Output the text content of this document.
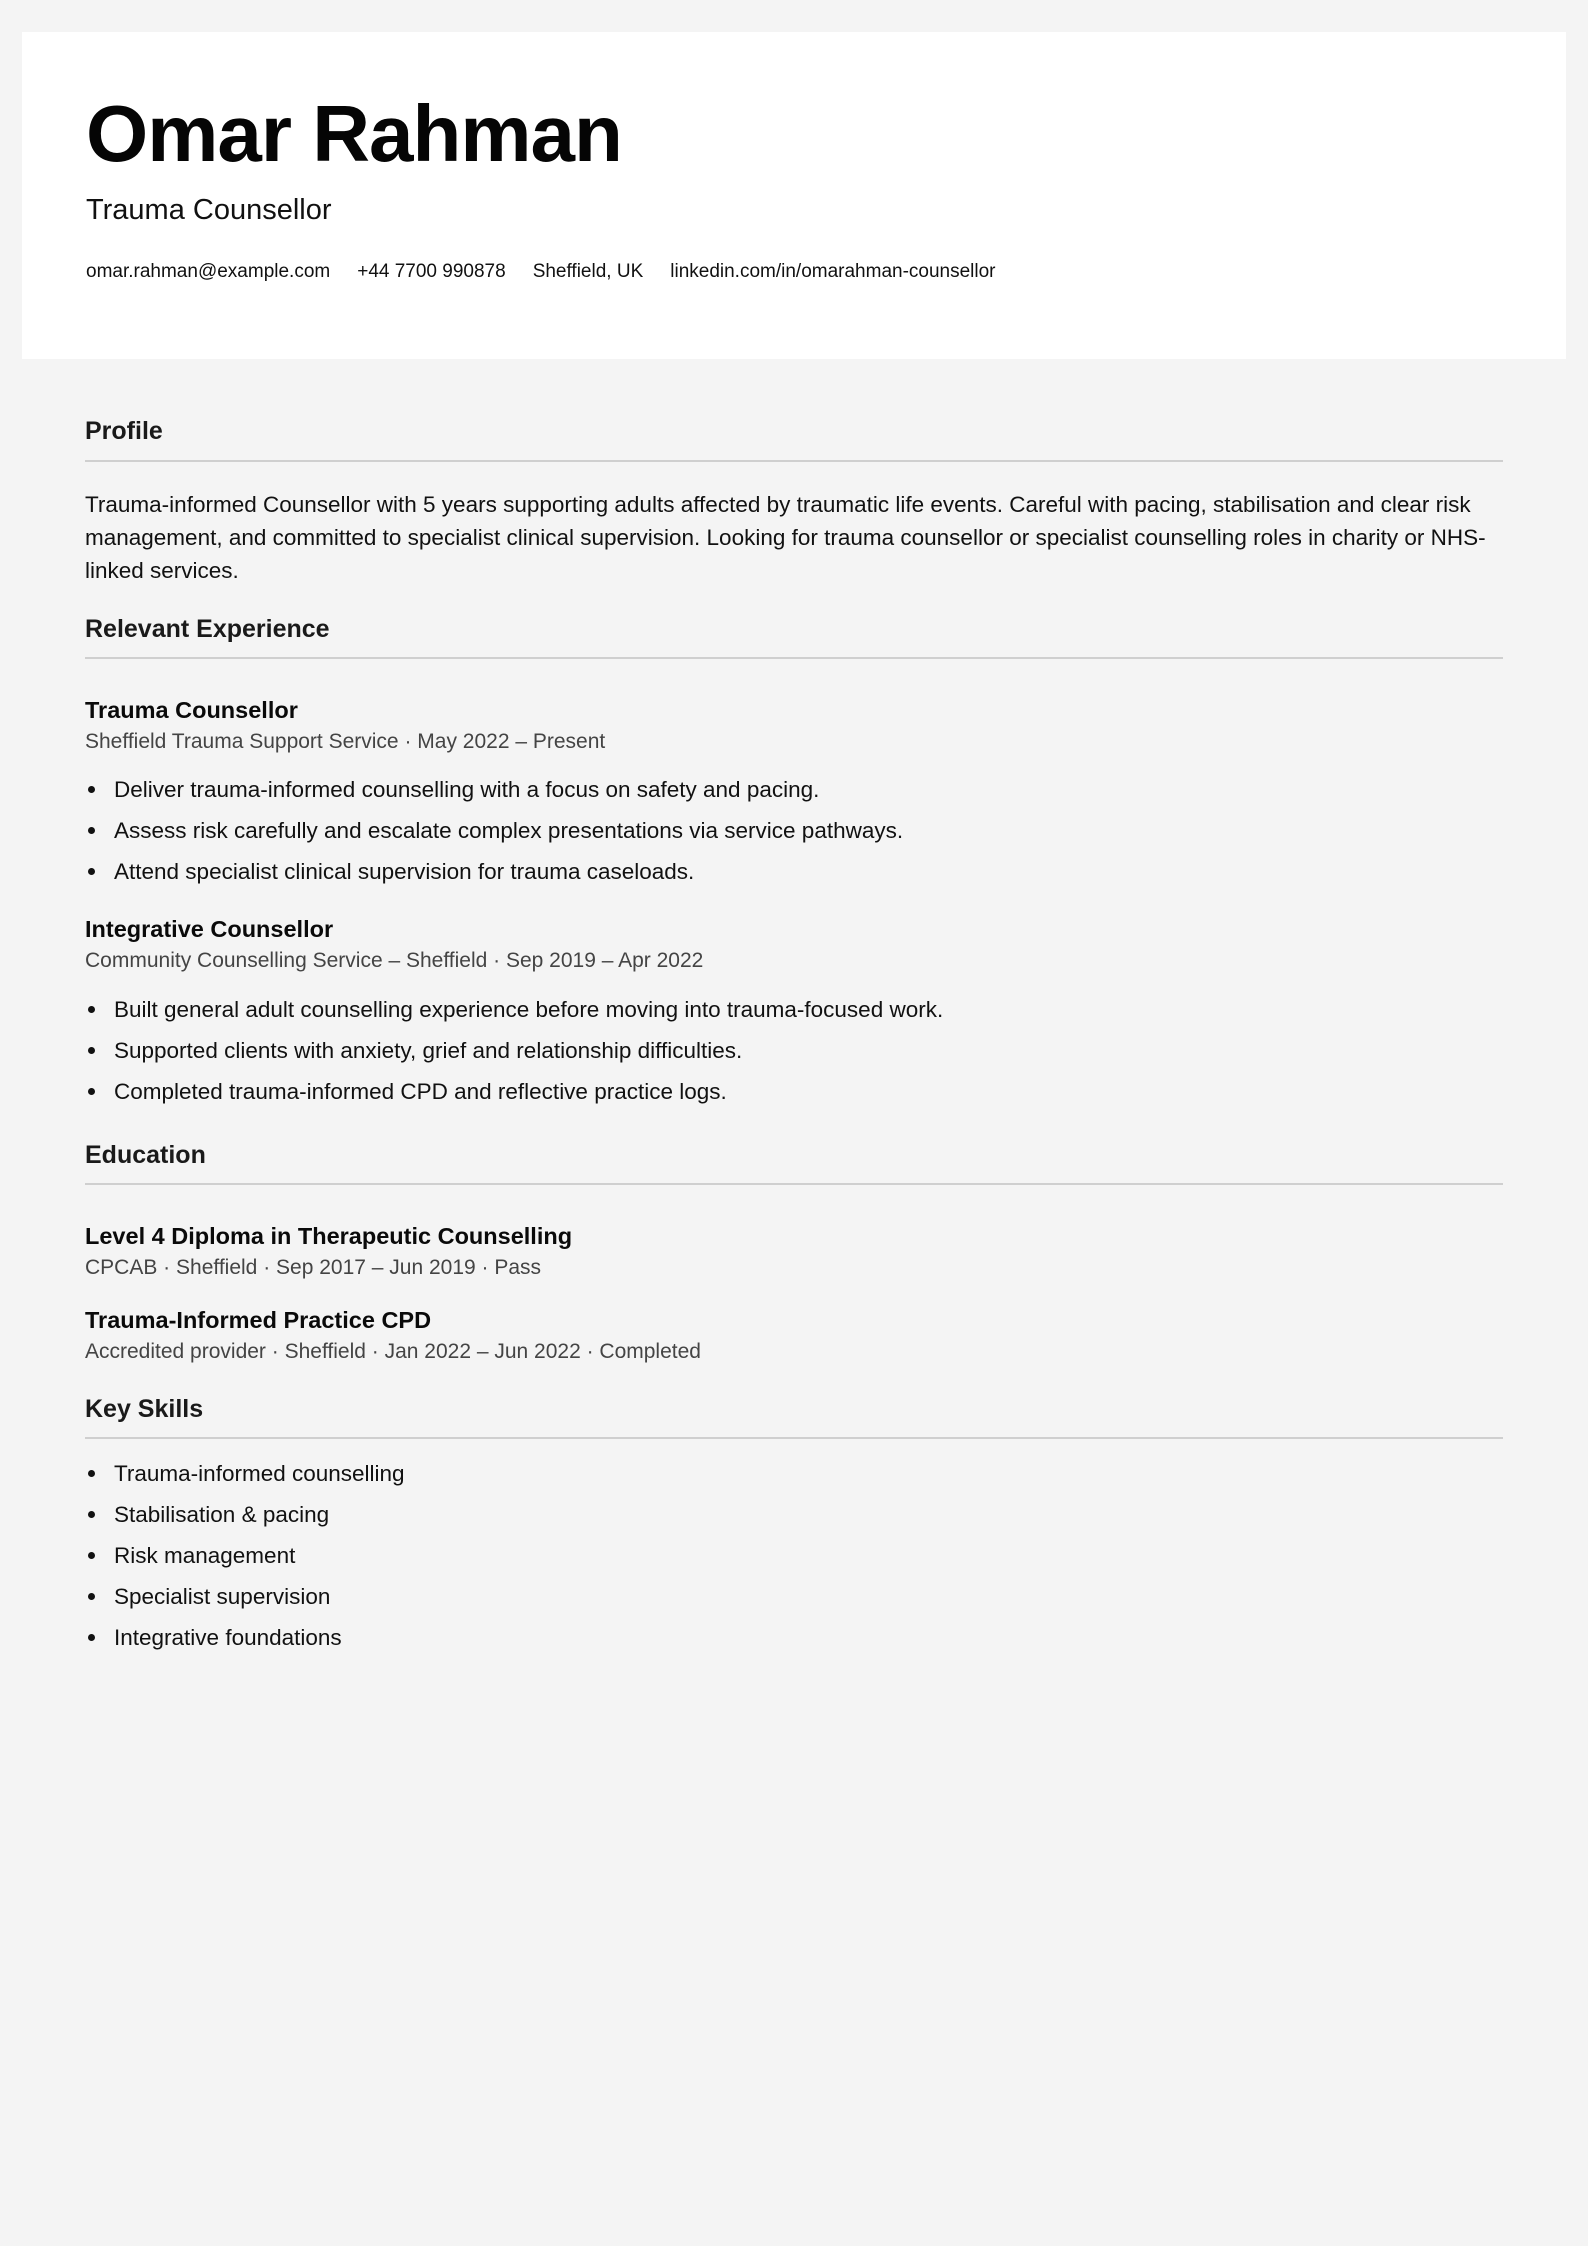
Omar Rahman
Trauma Counsellor
omar.rahman@example.com +44 7700 990878 Sheffield, UK linkedin.com/in/omarahman-counsellor
Profile

Trauma-informed Counsellor with 5 years supporting adults affected by traumatic life events. Careful with pacing, stabilisation and clear risk management, and committed to specialist clinical supervision. Looking for trauma counsellor or specialist counselling roles in charity or NHS-linked services.

Relevant Experience
Trauma Counsellor

Sheffield Trauma Support Service · May 2022 – Present

Deliver trauma-informed counselling with a focus on safety and pacing.
Assess risk carefully and escalate complex presentations via service pathways.
Attend specialist clinical supervision for trauma caseloads.
Integrative Counsellor

Community Counselling Service – Sheffield · Sep 2019 – Apr 2022

Built general adult counselling experience before moving into trauma-focused work.
Supported clients with anxiety, grief and relationship difficulties.
Completed trauma-informed CPD and reflective practice logs.
Education
Level 4 Diploma in Therapeutic Counselling

CPCAB · Sheffield · Sep 2017 – Jun 2019 · Pass

Trauma-Informed Practice CPD

Accredited provider · Sheffield · Jan 2022 – Jun 2022 · Completed

Key Skills
Trauma-informed counselling
Stabilisation & pacing
Risk management
Specialist supervision
Integrative foundations
